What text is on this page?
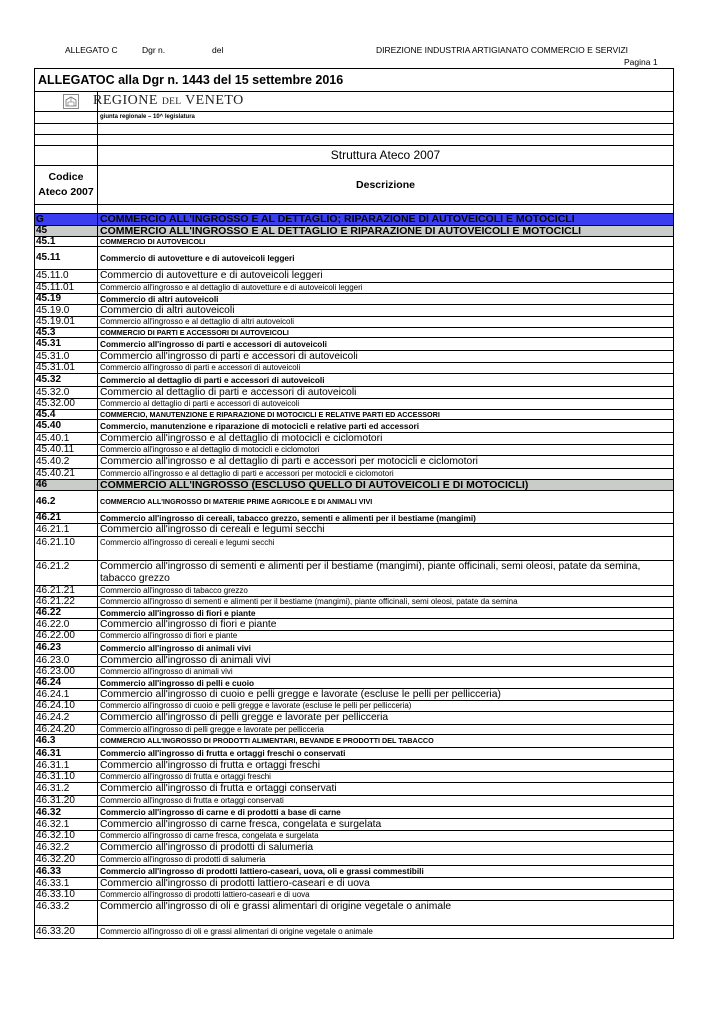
ALLEGATO C	Dgr n.	del	DIREZIONE INDUSTRIA ARTIGIANATO COMMERCIO E SERVIZI
Pagina 1
ALLEGATOC alla Dgr n. 1443 del 15 settembre 2016
REGIONE DEL VENETO
giunta regionale – 10^ legislatura
Struttura Ateco 2007
Codice Ateco 2007
Descrizione
G	COMMERCIO ALL'INGROSSO E AL DETTAGLIO; RIPARAZIONE DI AUTOVEICOLI E MOTOCICLI
45	COMMERCIO ALL'INGROSSO E AL DETTAGLIO E RIPARAZIONE DI AUTOVEICOLI E MOTOCICLI
45.1	COMMERCIO DI AUTOVEICOLI
45.11	Commercio di autovetture e di autoveicoli leggeri
45.11.0	Commercio di autovetture e di autoveicoli leggeri
45.11.01	Commercio all'ingrosso e al dettaglio di autovetture e di autoveicoli leggeri
45.19	Commercio di altri autoveicoli
45.19.0	Commercio di altri autoveicoli
45.19.01	Commercio all'ingrosso e al dettaglio di altri autoveicoli
45.3	COMMERCIO DI PARTI E ACCESSORI DI AUTOVEICOLI
45.31	Commercio all'ingrosso di parti e accessori di autoveicoli
45.31.0	Commercio all'ingrosso di parti e accessori di autoveicoli
45.31.01	Commercio all'ingrosso di parti e accessori di autoveicoli
45.32	Commercio al dettaglio di parti e accessori di autoveicoli
45.32.0	Commercio al dettaglio di parti e accessori di autoveicoli
45.32.00	Commercio al dettaglio di parti e accessori di autoveicoli
45.4	COMMERCIO, MANUTENZIONE E RIPARAZIONE DI MOTOCICLI E RELATIVE PARTI ED ACCESSORI
45.40	Commercio, manutenzione e riparazione di motocicli e relative parti ed accessori
45.40.1	Commercio all'ingrosso e al dettaglio di motocicli e ciclomotori
45.40.11	Commercio all'ingrosso e al dettaglio di motocicli e ciclomotori
45.40.2	Commercio all'ingrosso e al dettaglio di parti e accessori per motocicli e ciclomotori
45.40.21	Commercio all'ingrosso e al dettaglio di parti e accessori per motocicli e ciclomotori
46	COMMERCIO ALL'INGROSSO (ESCLUSO QUELLO DI AUTOVEICOLI E DI MOTOCICLI)
46.2	COMMERCIO ALL'INGROSSO DI MATERIE PRIME AGRICOLE E DI ANIMALI VIVI
46.21	Commercio all'ingrosso di cereali, tabacco grezzo, sementi e alimenti per il bestiame (mangimi)
46.21.1	Commercio all'ingrosso di cereali e legumi secchi
46.21.10	Commercio all'ingrosso di cereali e legumi secchi
46.21.2	Commercio all'ingrosso di sementi e alimenti per il bestiame (mangimi), piante officinali, semi oleosi, patate da semina, tabacco grezzo
46.21.21	Commercio all'ingrosso di tabacco grezzo
46.21.22	Commercio all'ingrosso di sementi e alimenti per il bestiame (mangimi), piante officinali, semi oleosi, patate da semina
46.22	Commercio all'ingrosso di fiori e piante
46.22.0	Commercio all'ingrosso di fiori e piante
46.22.00	Commercio all'ingrosso di fiori e piante
46.23	Commercio all'ingrosso di animali vivi
46.23.0	Commercio all'ingrosso di animali vivi
46.23.00	Commercio all'ingrosso di animali vivi
46.24	Commercio all'ingrosso di pelli e cuoio
46.24.1	Commercio all'ingrosso di cuoio e pelli gregge e lavorate (escluse le pelli per pellicceria)
46.24.10	Commercio all'ingrosso di cuoio e pelli gregge e lavorate (escluse le pelli per pellicceria)
46.24.2	Commercio all'ingrosso di pelli gregge e lavorate per pellicceria
46.24.20	Commercio all'ingrosso di pelli gregge e lavorate per pellicceria
46.3	COMMERCIO ALL'INGROSSO DI PRODOTTI ALIMENTARI, BEVANDE E PRODOTTI DEL TABACCO
46.31	Commercio all'ingrosso di frutta e ortaggi freschi o conservati
46.31.1	Commercio all'ingrosso di frutta e ortaggi freschi
46.31.10	Commercio all'ingrosso di frutta e ortaggi freschi
46.31.2	Commercio all'ingrosso di frutta e ortaggi conservati
46.31.20	Commercio all'ingrosso di frutta e ortaggi conservati
46.32	Commercio all'ingrosso di carne e di prodotti a base di carne
46.32.1	Commercio all'ingrosso di carne fresca, congelata e surgelata
46.32.10	Commercio all'ingrosso di carne fresca, congelata e surgelata
46.32.2	Commercio all'ingrosso di prodotti di salumeria
46.32.20	Commercio all'ingrosso di prodotti di salumeria
46.33	Commercio all'ingrosso di prodotti lattiero-caseari, uova, oli e grassi commestibili
46.33.1	Commercio all'ingrosso di prodotti lattiero-caseari e di uova
46.33.10	Commercio all'ingrosso di prodotti lattiero-caseari e di uova
46.33.2	Commercio all'ingrosso di oli e grassi alimentari di origine vegetale o animale
46.33.20	Commercio all'ingrosso di oli e grassi alimentari di origine vegetale o animale
